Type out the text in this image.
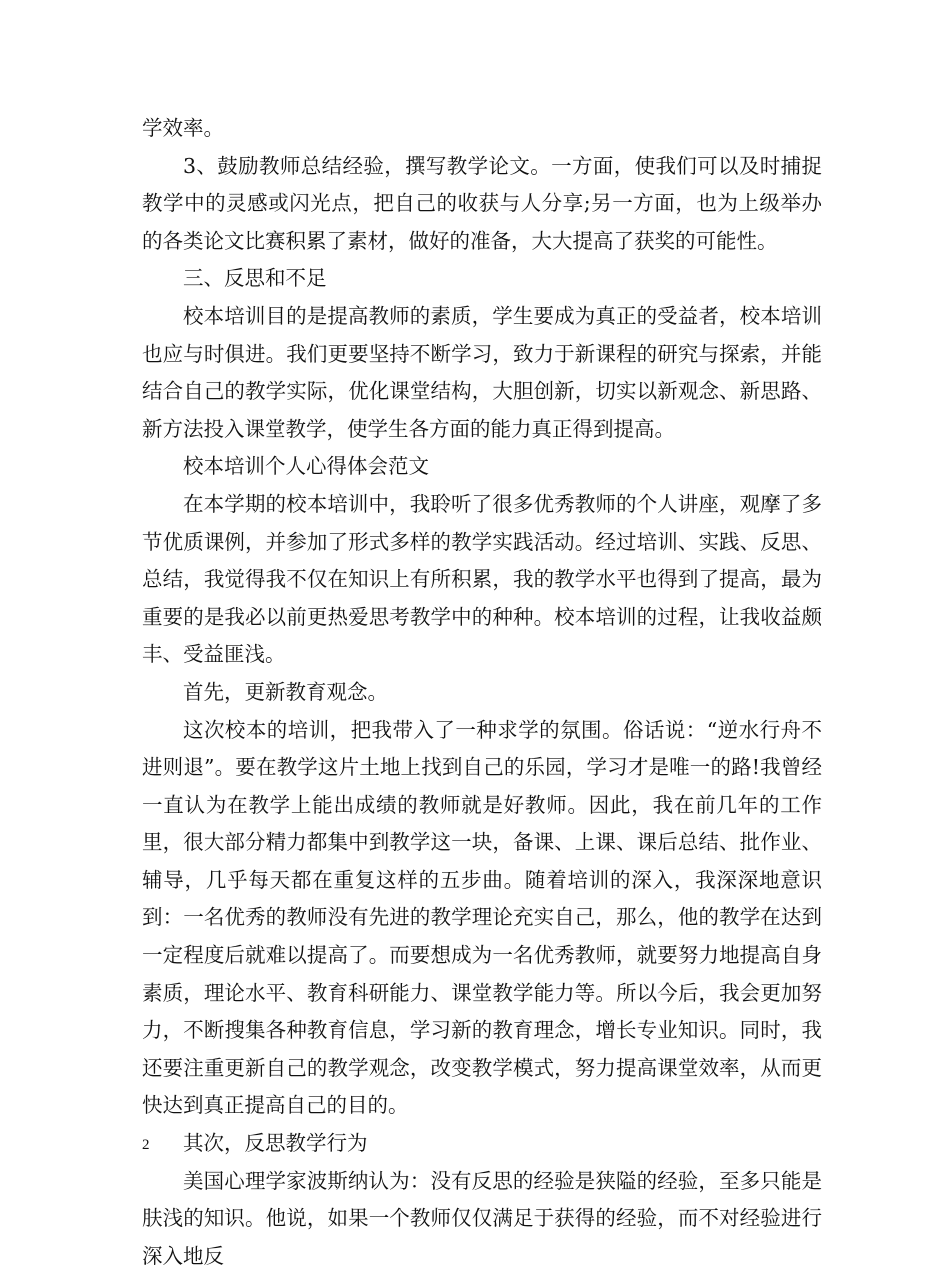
学效率。

3、鼓励教师总结经验，撰写教学论文。一方面，使我们可以及时捕捉教学中的灵感或闪光点，把自己的收获与人分享;另一方面，也为上级举办的各类论文比赛积累了素材，做好的准备，大大提高了获奖的可能性。

三、反思和不足

校本培训目的是提高教师的素质，学生要成为真正的受益者，校本培训也应与时俱进。我们更要坚持不断学习，致力于新课程的研究与探索，并能结合自己的教学实际，优化课堂结构，大胆创新，切实以新观念、新思路、新方法投入课堂教学，使学生各方面的能力真正得到提高。

校本培训个人心得体会范文

在本学期的校本培训中，我聆听了很多优秀教师的个人讲座，观摩了多节优质课例，并参加了形式多样的教学实践活动。经过培训、实践、反思、总结，我觉得我不仅在知识上有所积累，我的教学水平也得到了提高，最为重要的是我必以前更热爱思考教学中的种种。校本培训的过程，让我收益颇丰、受益匪浅。

首先，更新教育观念。

这次校本的培训，把我带入了一种求学的氛围。俗话说：“逆水行舟不进则退”。要在教学这片土地上找到自己的乐园，学习才是唯一的路!我曾经一直认为在教学上能出成绩的教师就是好教师。因此，我在前几年的工作里，很大部分精力都集中到教学这一块，备课、上课、课后总结、批作业、辅导，几乎每天都在重复这样的五步曲。随着培训的深入，我深深地意识到：一名优秀的教师没有先进的教学理论充实自己，那么，他的教学在达到一定程度后就难以提高了。而要想成为一名优秀教师，就要努力地提高自身素质，理论水平、教育科研能力、课堂教学能力等。所以今后，我会更加努力，不断搜集各种教育信息，学习新的教育理念，增长专业知识。同时，我还要注重更新自己的教学观念，改变教学模式，努力提高课堂效率，从而更快达到真正提高自己的目的。

其次，反思教学行为

美国心理学家波斯纳认为：没有反思的经验是狭隘的经验，至多只能是肤浅的知识。他说，如果一个教师仅仅满足于获得的经验，而不对经验进行深入地反

2
